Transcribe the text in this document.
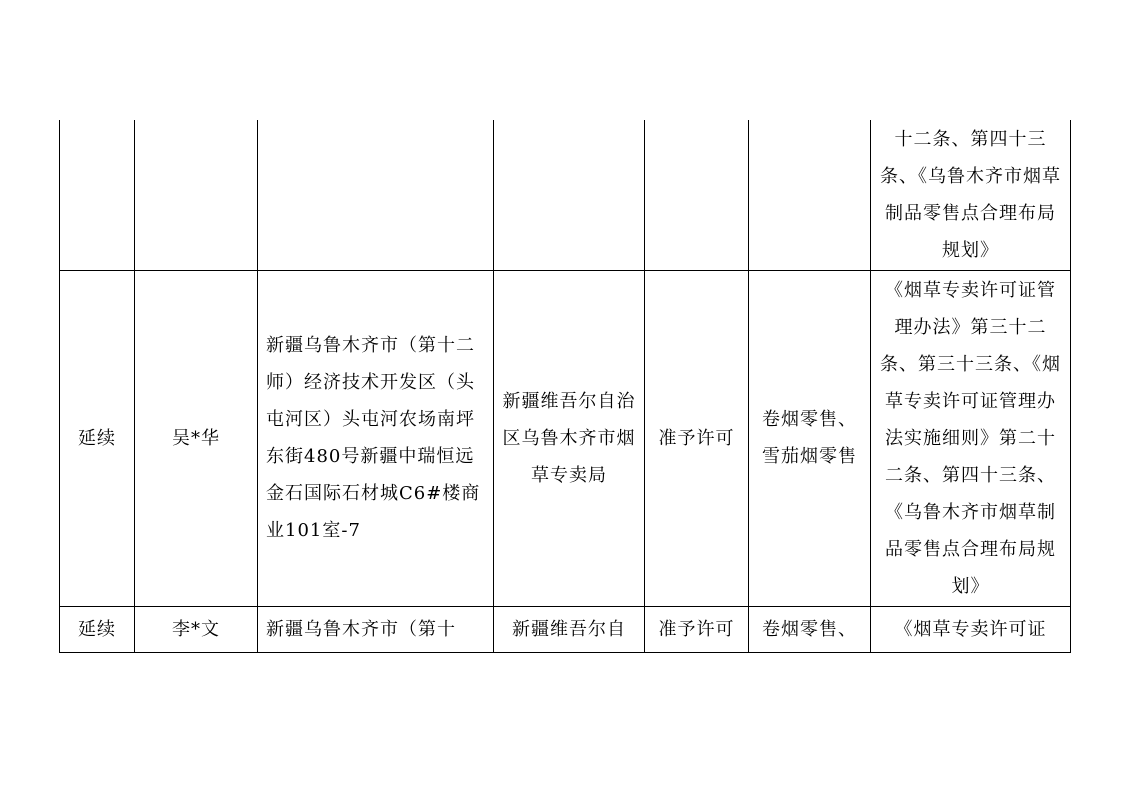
						十二条、第四十三条、《乌鲁木齐市烟草制品零售点合理布局规划》
延续	吴*华	新疆乌鲁木齐市（第十二师）经济技术开发区（头屯河区）头屯河农场南坪东街480号新疆中瑞恒远金石国际石材城C6#楼商业101室-7	新疆维吾尔自治区乌鲁木齐市烟草专卖局	准予许可	卷烟零售、雪茄烟零售	《烟草专卖许可证管理办法》第三十二条、第三十三条、《烟草专卖许可证管理办法实施细则》第二十二条、第四十三条、《乌鲁木齐市烟草制品零售点合理布局规划》
延续	李*文	新疆乌鲁木齐市（第十	新疆维吾尔自	准予许可	卷烟零售、	《烟草专卖许可证
